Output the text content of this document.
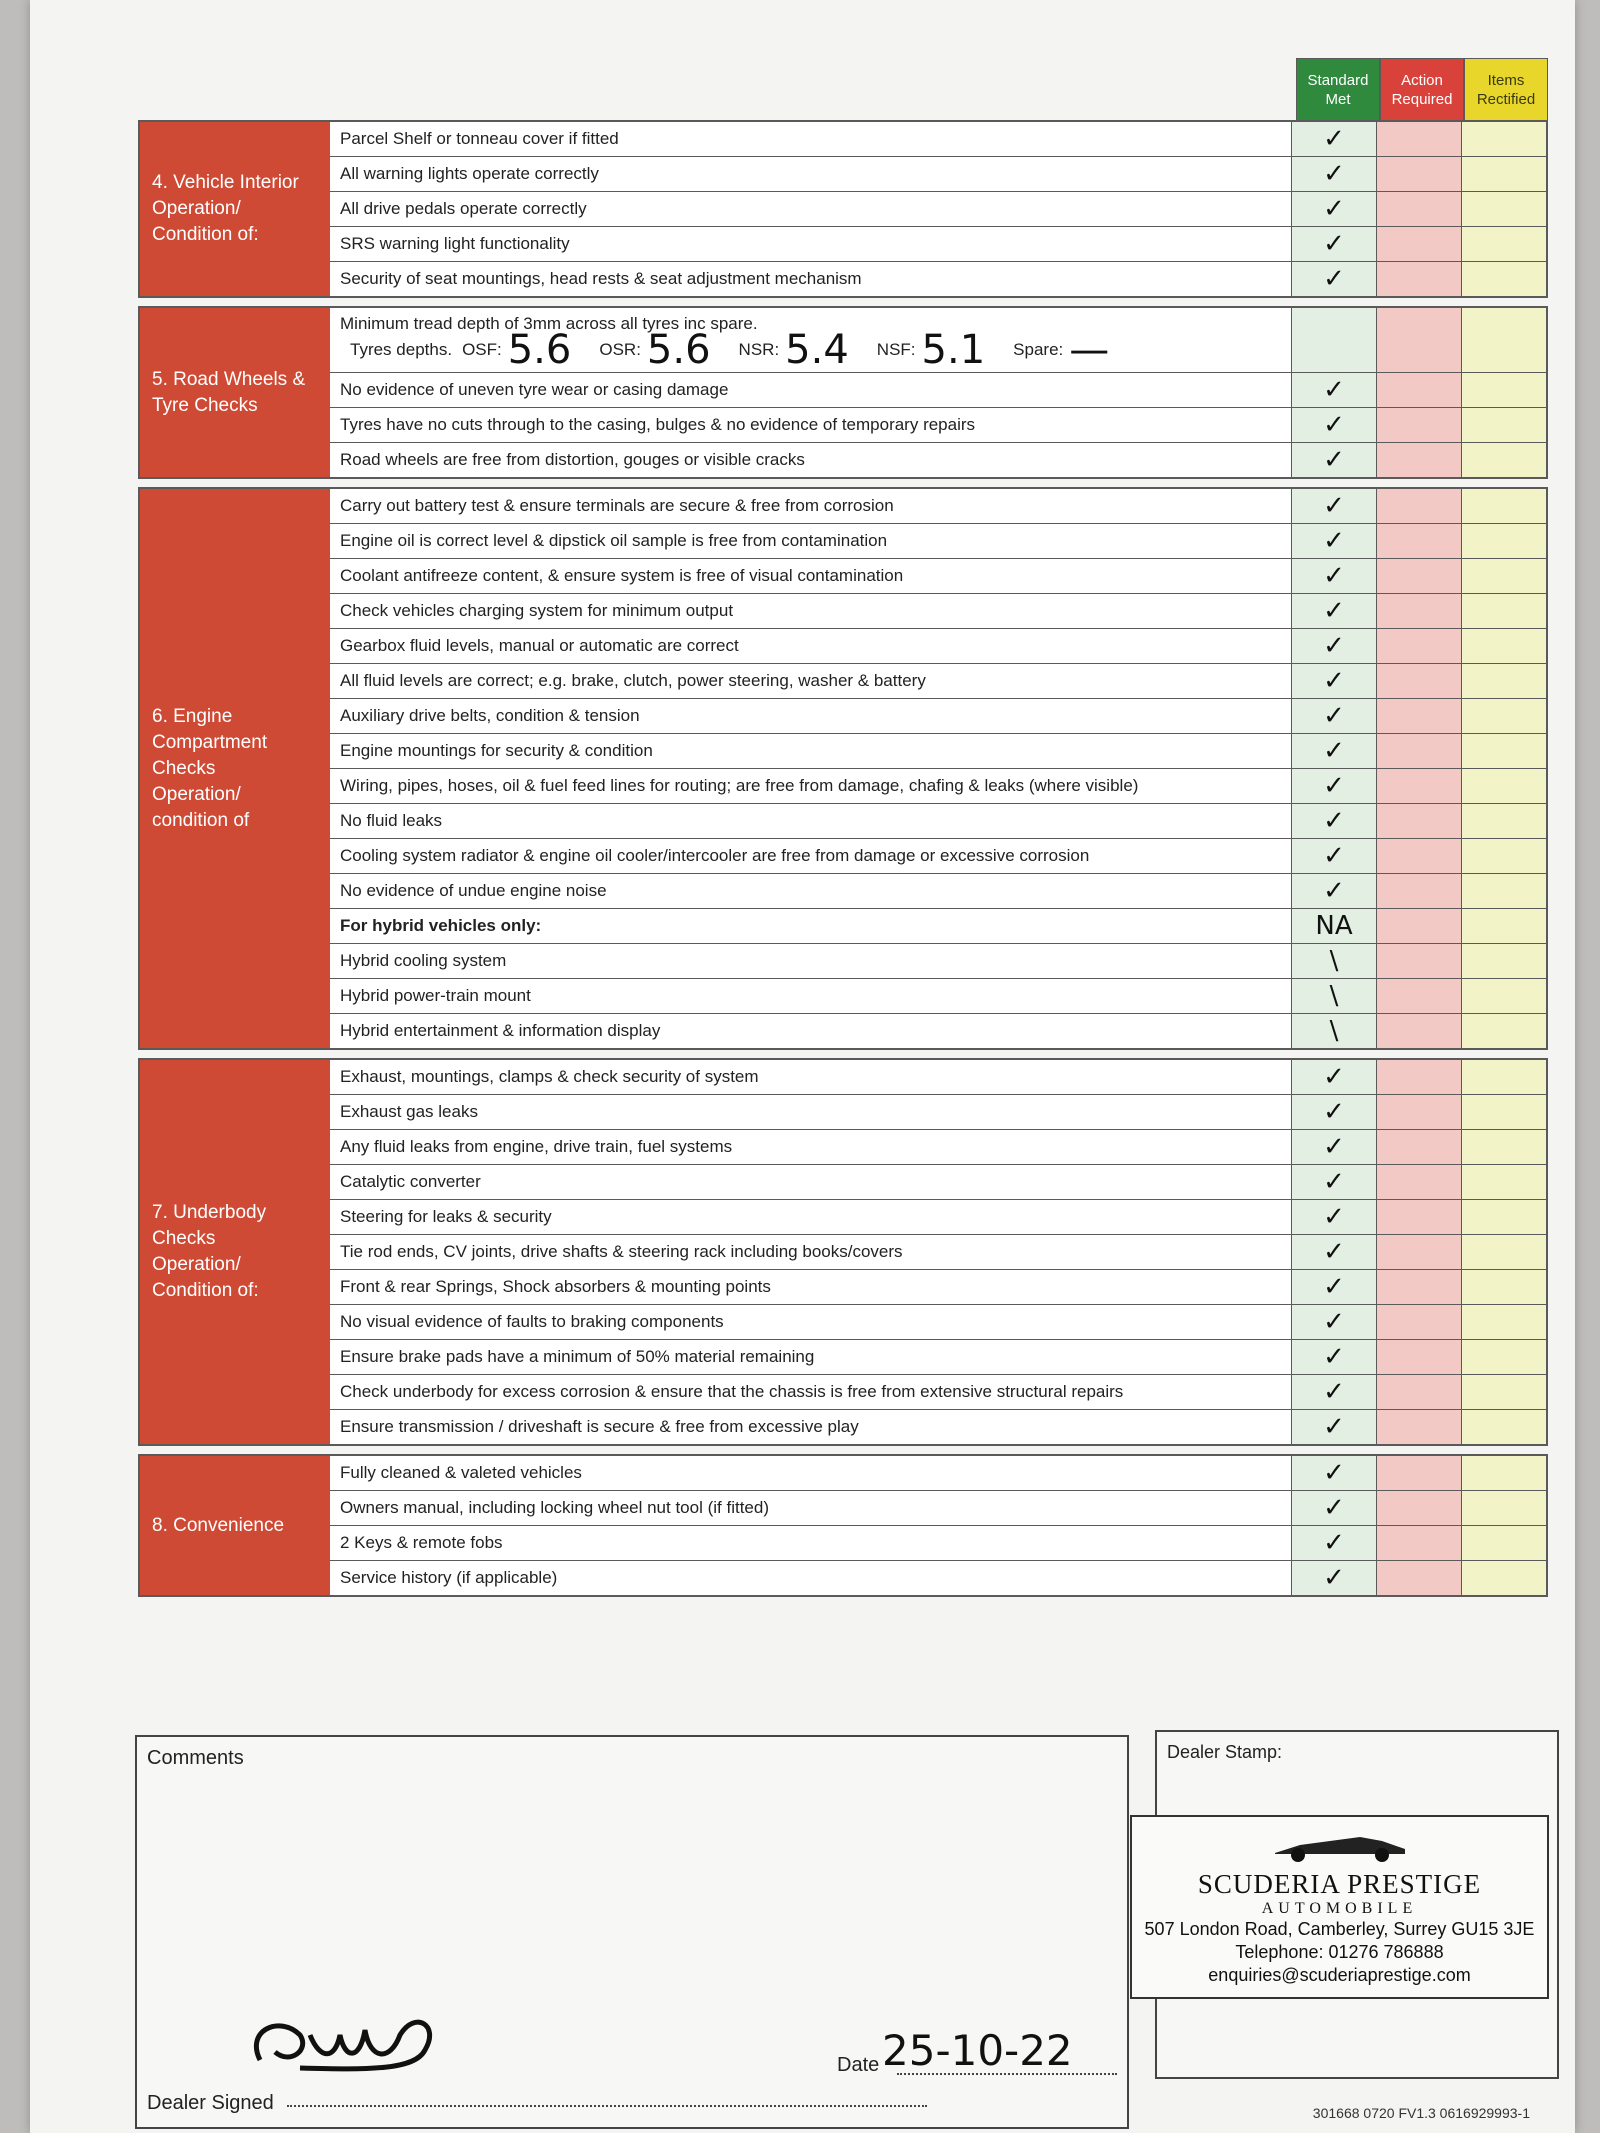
Standard
Met
Action
Required
Items
Rectified
4. Vehicle Interior
Operation/
Condition of:
Parcel Shelf or tonneau cover if fitted	✓
All warning lights operate correctly	✓
All drive pedals operate correctly	✓
SRS warning light functionality	✓
Security of seat mountings, head rests & seat adjustment mechanism	✓
5. Road Wheels &
Tyre Checks
Minimum tread depth of 3mm across all tyres inc spare.
Tyres depths. OSF: 5.6 OSR: 5.6 NSR: 5.4 NSF: 5.1 Spare: —
No evidence of uneven tyre wear or casing damage	✓
Tyres have no cuts through to the casing, bulges & no evidence of temporary repairs	✓
Road wheels are free from distortion, gouges or visible cracks	✓
6. Engine
Compartment
Checks
Operation/
condition of
Carry out battery test & ensure terminals are secure & free from corrosion	✓
Engine oil is correct level & dipstick oil sample is free from contamination	✓
Coolant antifreeze content, & ensure system is free of visual contamination	✓
Check vehicles charging system for minimum output	✓
Gearbox fluid levels, manual or automatic are correct	✓
All fluid levels are correct; e.g. brake, clutch, power steering, washer & battery	✓
Auxiliary drive belts, condition & tension	✓
Engine mountings for security & condition	✓
Wiring, pipes, hoses, oil & fuel feed lines for routing; are free from damage, chafing & leaks (where visible)	✓
No fluid leaks	✓
Cooling system radiator & engine oil cooler/intercooler are free from damage or excessive corrosion	✓
No evidence of undue engine noise	✓
For hybrid vehicles only:	NA
Hybrid cooling system	\
Hybrid power-train mount	\
Hybrid entertainment & information display	\
7. Underbody
Checks
Operation/
Condition of:
Exhaust, mountings, clamps & check security of system	✓
Exhaust gas leaks	✓
Any fluid leaks from engine, drive train, fuel systems	✓
Catalytic converter	✓
Steering for leaks & security	✓
Tie rod ends, CV joints, drive shafts & steering rack including books/covers	✓
Front & rear Springs, Shock absorbers & mounting points	✓
No visual evidence of faults to braking components	✓
Ensure brake pads have a minimum of 50% material remaining	✓
Check underbody for excess corrosion & ensure that the chassis is free from extensive structural repairs	✓
Ensure transmission / driveshaft is secure & free from excessive play	✓
8. Convenience
Fully cleaned & valeted vehicles	✓
Owners manual, including locking wheel nut tool (if fitted)	✓
2 Keys & remote fobs	✓
Service history (if applicable)	✓
Comments
Date 25-10-22
Dealer Signed
Dealer Stamp:
SCUDERIA PRESTIGE
AUTOMOBILE
507 London Road, Camberley, Surrey GU15 3JE
Telephone: 01276 786888
enquiries@scuderiaprestige.com
301668 0720 FV1.3 0616929993-1
